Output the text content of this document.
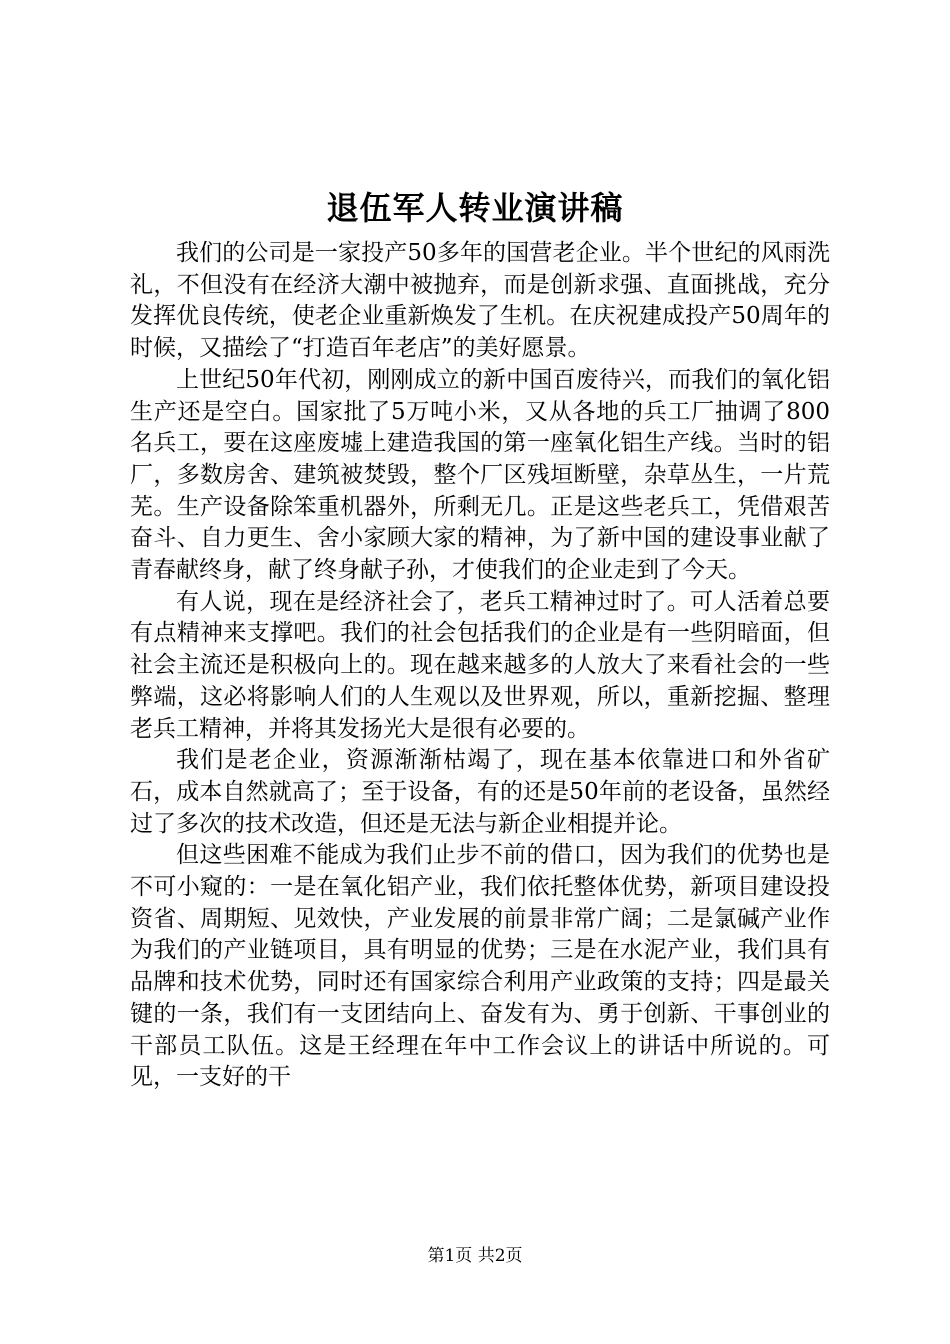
退伍军人转业演讲稿

我们的公司是一家投产50多年的国营老企业。半个世纪的风雨洗礼，不但没有在经济大潮中被抛弃，而是创新求强、直面挑战，充分发挥优良传统，使老企业重新焕发了生机。在庆祝建成投产50周年的时候，又描绘了“打造百年老店”的美好愿景。

上世纪50年代初，刚刚成立的新中国百废待兴，而我们的氧化铝生产还是空白。国家批了5万吨小米，又从各地的兵工厂抽调了800名兵工，要在这座废墟上建造我国的第一座氧化铝生产线。当时的铝厂，多数房舍、建筑被焚毁，整个厂区残垣断壁，杂草丛生，一片荒芜。生产设备除笨重机器外，所剩无几。正是这些老兵工，凭借艰苦奋斗、自力更生、舍小家顾大家的精神，为了新中国的建设事业献了青春献终身，献了终身献子孙，才使我们的企业走到了今天。

有人说，现在是经济社会了，老兵工精神过时了。可人活着总要有点精神来支撑吧。我们的社会包括我们的企业是有一些阴暗面，但社会主流还是积极向上的。现在越来越多的人放大了来看社会的一些弊端，这必将影响人们的人生观以及世界观，所以，重新挖掘、整理老兵工精神，并将其发扬光大是很有必要的。

我们是老企业，资源渐渐枯竭了，现在基本依靠进口和外省矿石，成本自然就高了；至于设备，有的还是50年前的老设备，虽然经过了多次的技术改造，但还是无法与新企业相提并论。

但这些困难不能成为我们止步不前的借口，因为我们的优势也是不可小窥的：一是在氧化铝产业，我们依托整体优势，新项目建设投资省、周期短、见效快，产业发展的前景非常广阔；二是氯碱产业作为我们的产业链项目，具有明显的优势；三是在水泥产业，我们具有品牌和技术优势，同时还有国家综合利用产业政策的支持；四是最关键的一条，我们有一支团结向上、奋发有为、勇于创新、干事创业的干部员工队伍。这是王经理在年中工作会议上的讲话中所说的。可见，一支好的干

第1页 共2页
